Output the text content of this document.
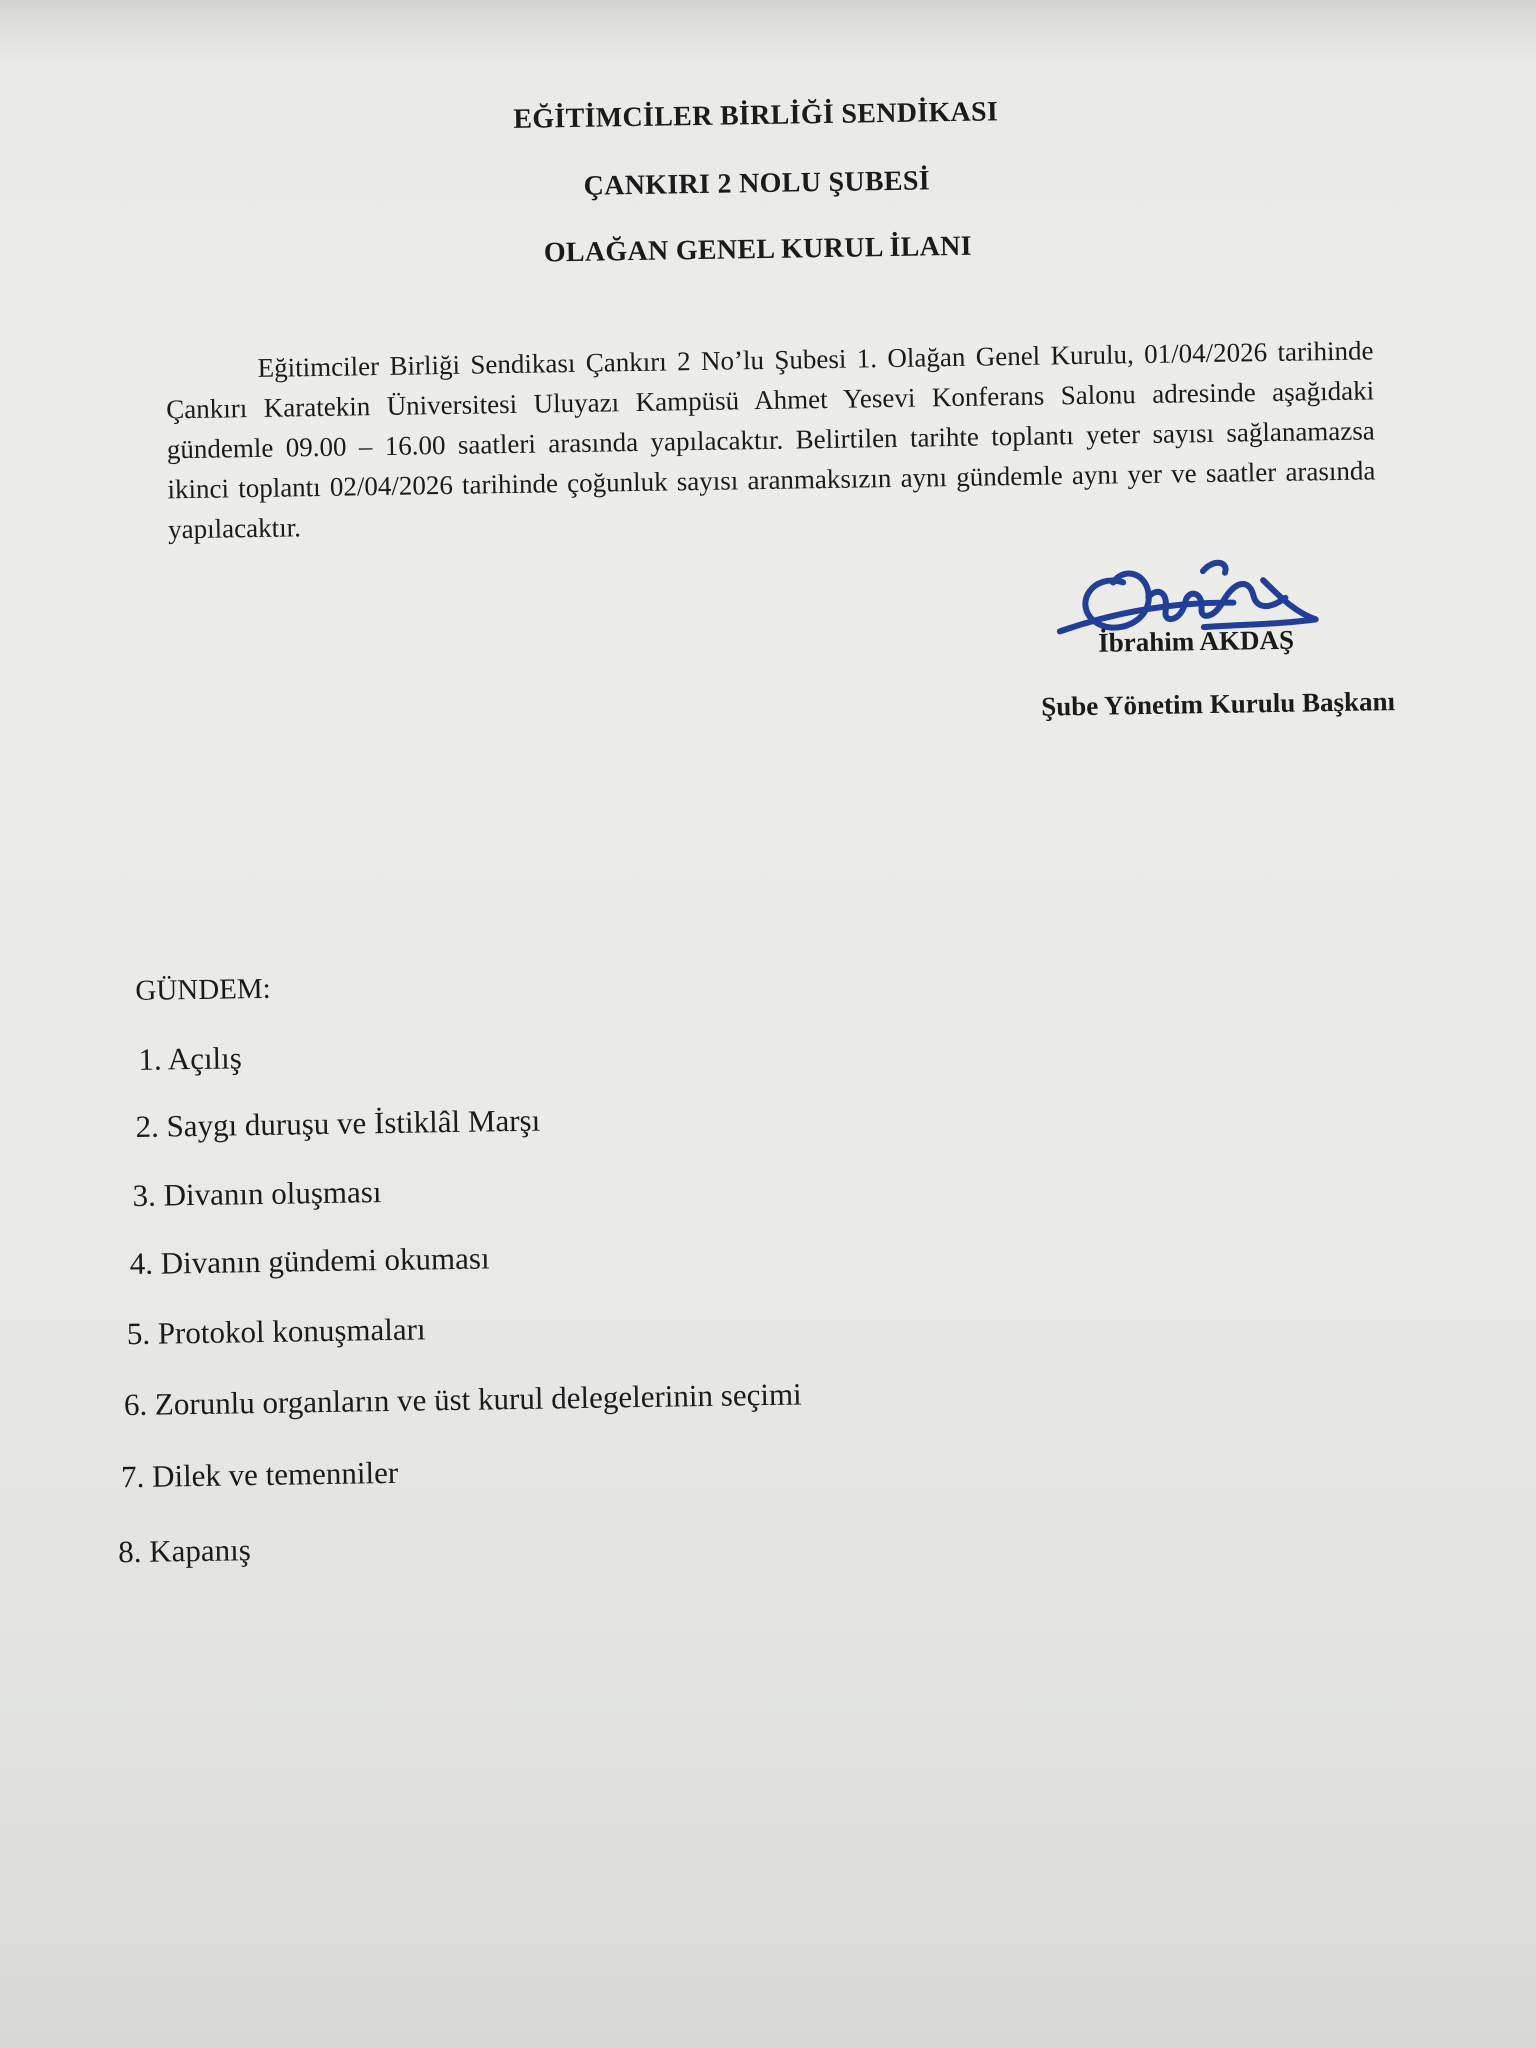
EĞİTİMCİLER BİRLİĞİ SENDİKASI
ÇANKIRI 2 NOLU ŞUBESİ
OLAĞAN GENEL KURUL İLANI

Eğitimciler Birliği Sendikası Çankırı 2 No’lu Şubesi 1. Olağan Genel Kurulu, 01/04/2026 tarihinde Çankırı Karatekin Üniversitesi Uluyazı Kampüsü Ahmet Yesevi Konferans Salonu adresinde aşağıdaki gündemle 09.00 – 16.00 saatleri arasında yapılacaktır. Belirtilen tarihte toplantı yeter sayısı sağlanamazsa ikinci toplantı 02/04/2026 tarihinde çoğunluk sayısı aranmaksızın aynı gündemle aynı yer ve saatler arasında yapılacaktır.

İbrahim AKDAŞ

Şube Yönetim Kurulu Başkanı

GÜNDEM:

1. Açılış
2. Saygı duruşu ve İstiklâl Marşı
3. Divanın oluşması
4. Divanın gündemi okuması
5. Protokol konuşmaları
6. Zorunlu organların ve üst kurul delegelerinin seçimi
7. Dilek ve temenniler
8. Kapanış
